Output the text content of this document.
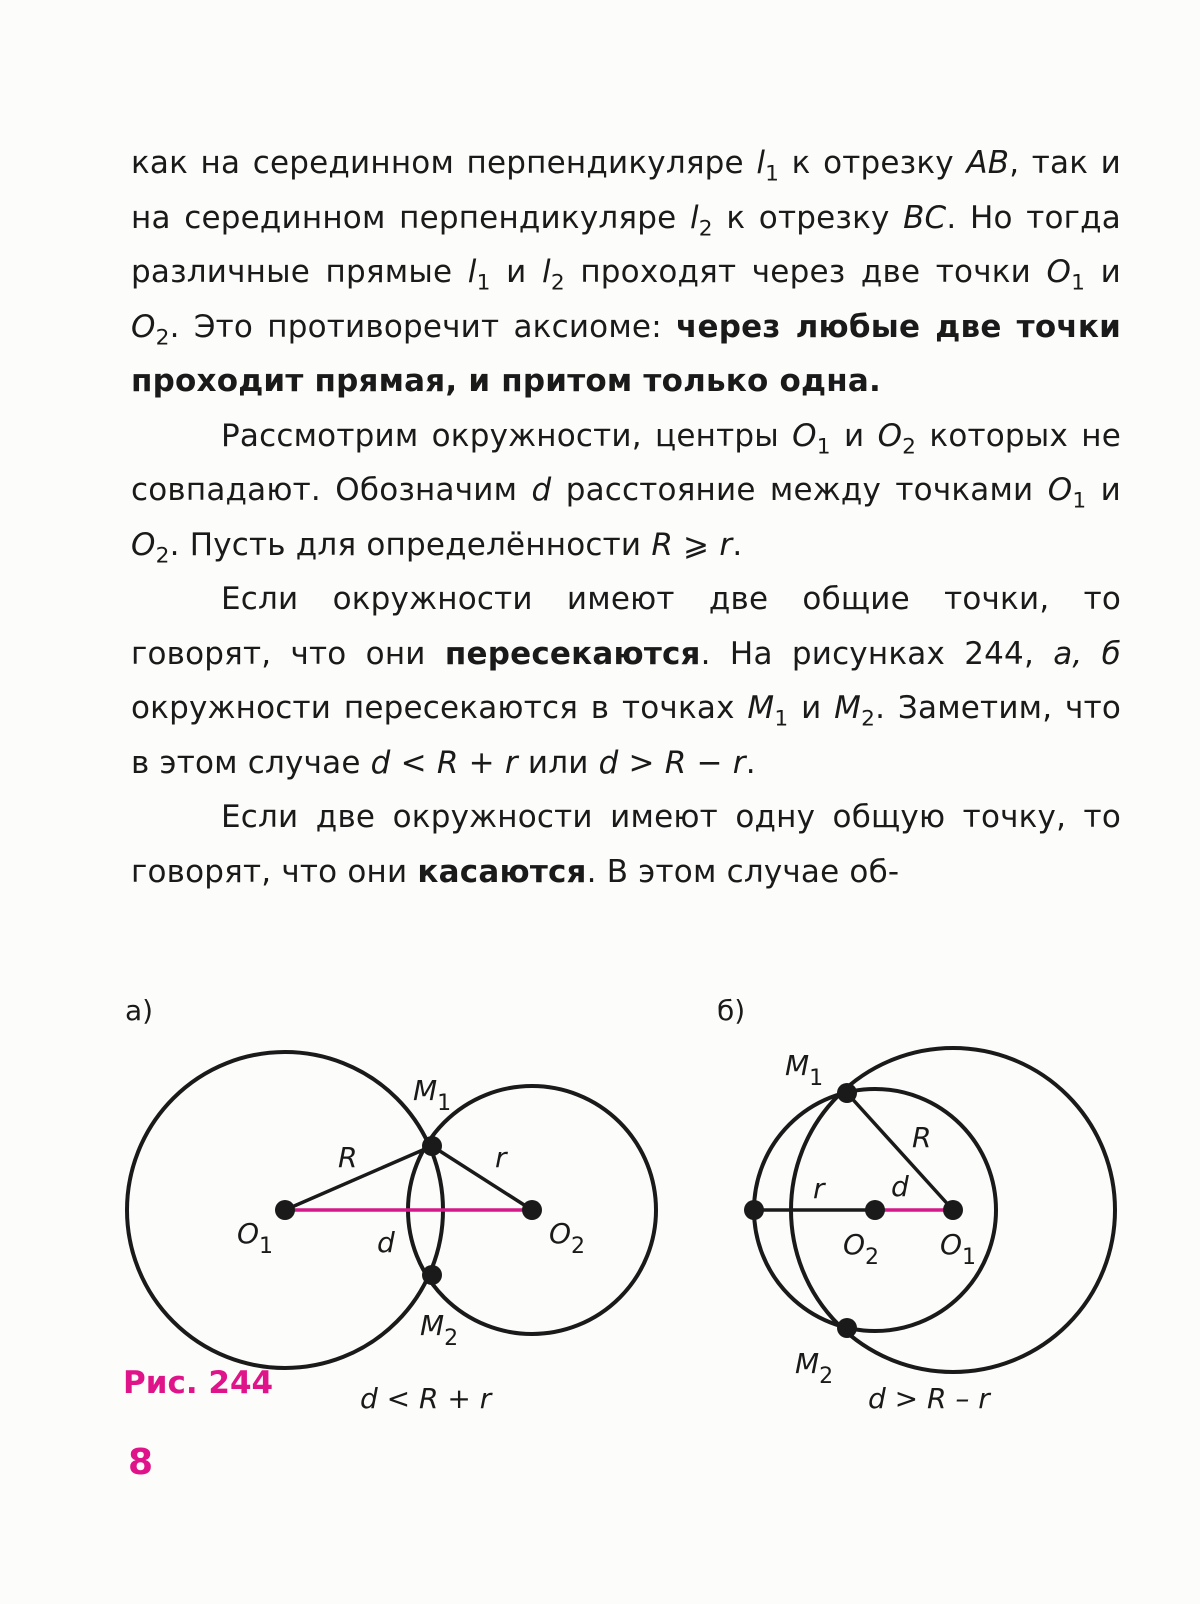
как на серединном перпендикуляре $l_1$ к отрезку AB, так и на серединном перпендикуляре $l_2$ к отрезку BC. Но тогда различные прямые $l_1$ и $l_2$ проходят через две точки $O_1$ и $O_2$. Это противоречит аксиоме: через любые две точки проходит прямая, и притом только одна.

Рассмотрим окружности, центры $O_1$ и $O_2$ которых не совпадают. Обозначим d расстояние между точками $O_1$ и $O_2$. Пусть для определённости R ⩾ r.

Если окружности имеют две общие точки, то говорят, что они пересекаются. На рисунках 244, а, б окружности пересекаются в точках $M_1$ и $M_2$. Заметим, что в этом случае d < R + r или d > R − r.

Если две окружности имеют одну общую точку, то говорят, что они касаются. В этом случае об-

а)
$M_1$
$M_2$
$O_1$	$O_2$
R	r
d
d < R + r
б)
$M_1$
$M_2$
$O_2$ $O_1$
R
r d
d > R – r
Рис. 244
8
